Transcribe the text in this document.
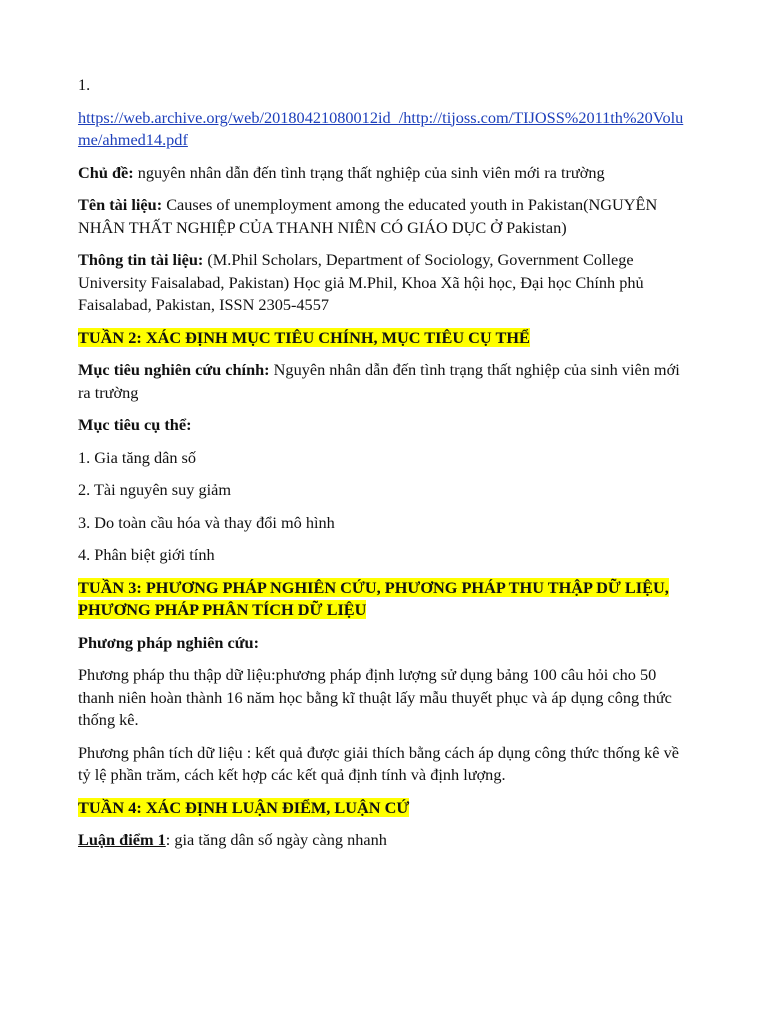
1.

https://web.archive.org/web/20180421080012id_/http://tijoss.com/TIJOSS%2011th%20Volume/ahmed14.pdf

Chủ đề: nguyên nhân dẫn đến tình trạng thất nghiệp của sinh viên mới ra trường

Tên tài liệu: Causes of unemployment among the educated youth in Pakistan(NGUYÊN NHÂN THẤT NGHIỆP CỦA THANH NIÊN CÓ GIÁO DỤC Ở Pakistan)

Thông tin tài liệu: (M.Phil Scholars, Department of Sociology, Government College University Faisalabad, Pakistan) Học giả M.Phil, Khoa Xã hội học, Đại học Chính phủ Faisalabad, Pakistan, ISSN 2305-4557

TUẦN 2: XÁC ĐỊNH MỤC TIÊU CHÍNH, MỤC TIÊU CỤ THỂ

Mục tiêu nghiên cứu chính: Nguyên nhân dẫn đến tình trạng thất nghiệp của sinh viên mới ra trường

Mục tiêu cụ thể:

1. Gia tăng dân số

2. Tài nguyên suy giảm

3. Do toàn cầu hóa và thay đổi mô hình

4. Phân biệt giới tính

TUẦN 3: PHƯƠNG PHÁP NGHIÊN CỨU, PHƯƠNG PHÁP THU THẬP DỮ LIỆU, PHƯƠNG PHÁP PHÂN TÍCH DỮ LIỆU

Phương pháp nghiên cứu:

Phương pháp thu thập dữ liệu:phương pháp định lượng sử dụng bảng 100 câu hỏi cho 50 thanh niên hoàn thành 16 năm học bằng kĩ thuật lấy mẫu thuyết phục và áp dụng công thức thống kê.

Phương phân tích dữ liệu : kết quả được giải thích bằng cách áp dụng công thức thống kê về tỷ lệ phần trăm, cách kết hợp các kết quả định tính và định lượng.

TUẦN 4: XÁC ĐỊNH LUẬN ĐIỂM, LUẬN CỨ

Luận điểm 1: gia tăng dân số ngày càng nhanh
